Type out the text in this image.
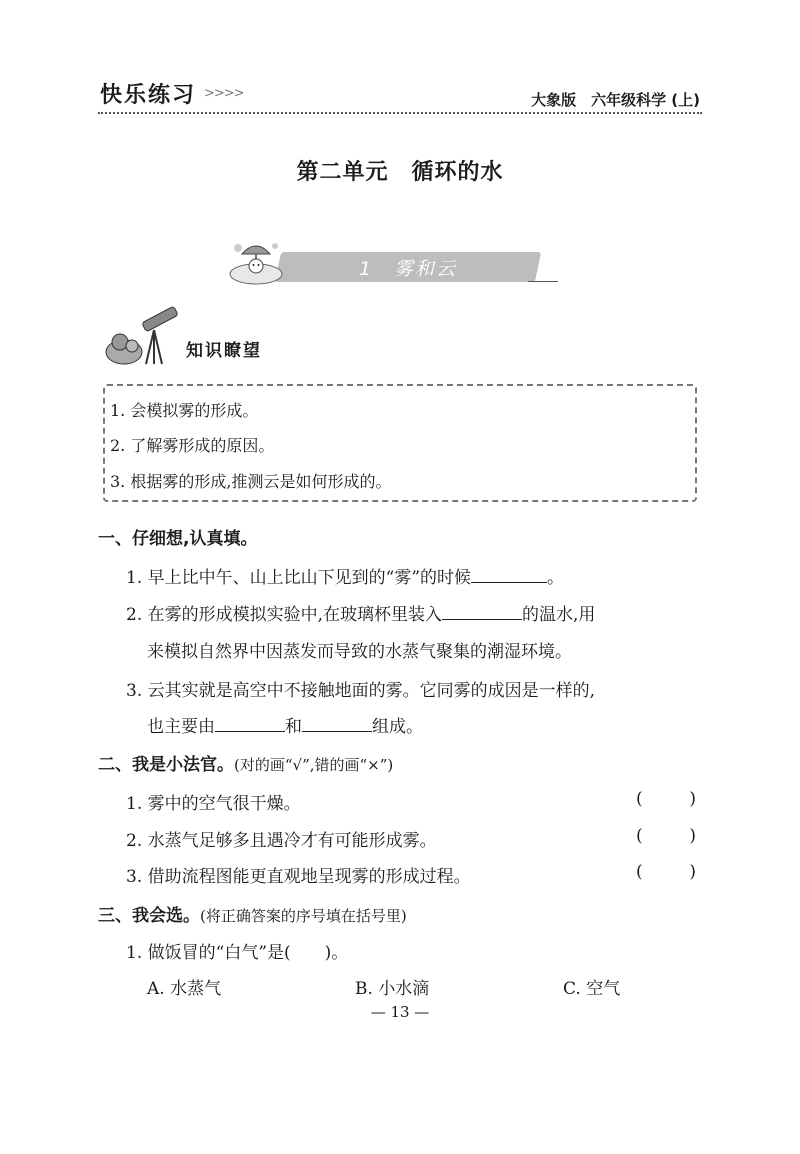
快乐练习 >>>>	大象版　六年级科学 (上)
第二单元　循环的水
1　雾和云
知识瞭望
1. 会模拟雾的形成。
2. 了解雾形成的原因。
3. 根据雾的形成,推测云是如何形成的。
一、仔细想,认真填。
1. 早上比中午、山上比山下见到的“雾”的时候	。
2. 在雾的形成模拟实验中,在玻璃杯里装入	的温水,用
来模拟自然界中因蒸发而导致的水蒸气聚集的潮湿环境。
3. 云其实就是高空中不接触地面的雾。它同雾的成因是一样的,
也主要由	和	组成。
二、我是小法官。(对的画“√”,错的画“×”)
1. 雾中的空气很干燥。	(	)
2. 水蒸气足够多且遇冷才有可能形成雾。	(	)
3. 借助流程图能更直观地呈现雾的形成过程。	(	)
三、我会选。(将正确答案的序号填在括号里)
1. 做饭冒的“白气”是(　　)。
A. 水蒸气	B. 小水滴	C. 空气
— 13 —
